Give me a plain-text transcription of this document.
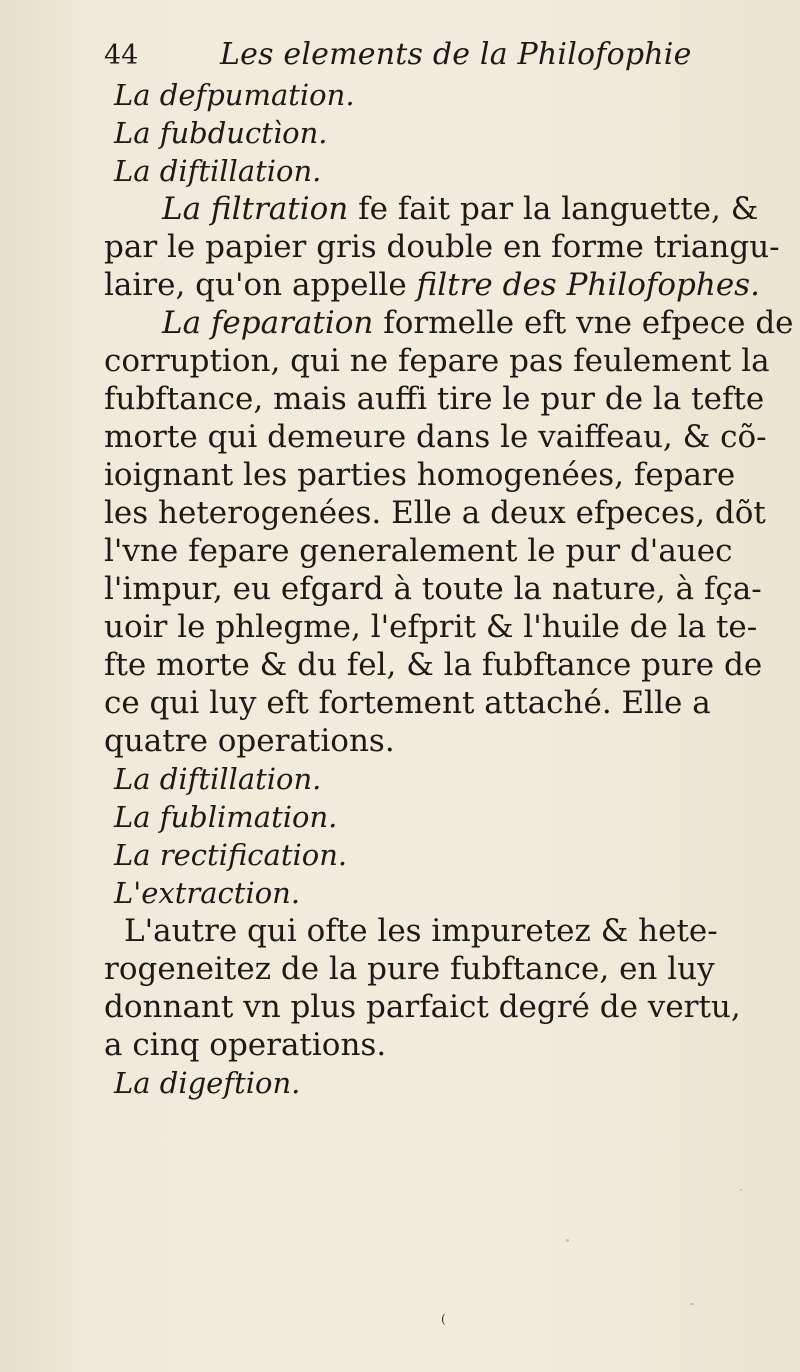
44	Les elements de la Philofophie
La defpumation.
La fubductìon.
La diftillation.
La filtration fe fait par la languette, &
par le papier gris double en forme triangu-
laire, qu'on appelle filtre des Philofophes.
La feparation formelle eft vne efpece de
corruption, qui ne fepare pas feulement la
fubftance, mais auffi tire le pur de la tefte
morte qui demeure dans le vaiffeau, & cõ-
ioignant les parties homogenées, fepare
les heterogenées. Elle a deux efpeces, dõt
l'vne fepare generalement le pur d'auec
l'impur, eu efgard à toute la nature, à fça-
uoir le phlegme, l'efprit & l'huile de la te-
fte morte & du fel, & la fubftance pure de
ce qui luy eft fortement attaché. Elle a
quatre operations.
La diftillation.
La fublimation.
La rectification.
L'extraction.
L'autre qui ofte les impuretez & hete-
rogeneitez de la pure fubftance, en luy
donnant vn plus parfaict degré de vertu,
a cinq operations.
La digeftion.
(
